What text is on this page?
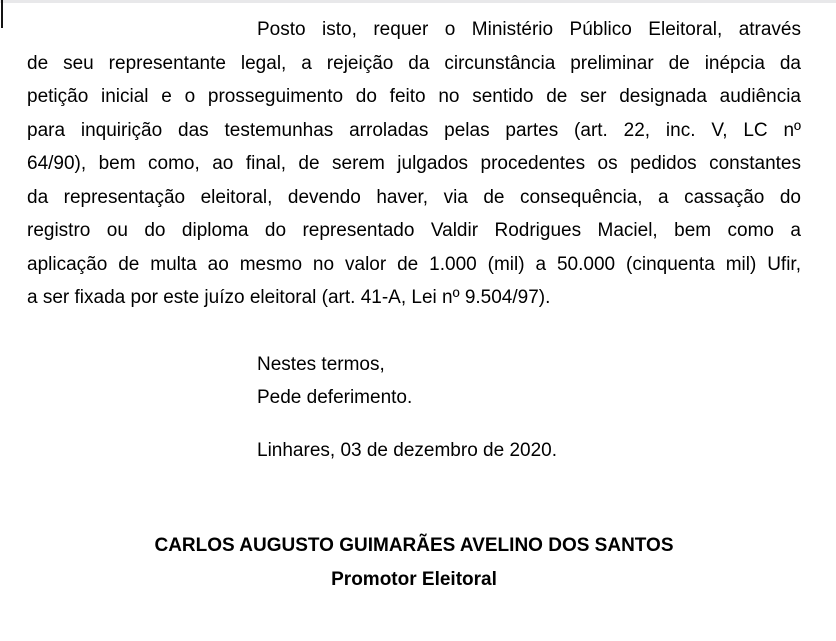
Posto isto, requer o Ministério Público Eleitoral, através
de seu representante legal, a rejeição da circunstância preliminar de inépcia da
petição inicial e o prosseguimento do feito no sentido de ser designada audiência
para inquirição das testemunhas arroladas pelas partes (art. 22, inc. V, LC nº
64/90), bem como, ao final, de serem julgados procedentes os pedidos constantes
da representação eleitoral, devendo haver, via de consequência, a cassação do
registro ou do diploma do representado Valdir Rodrigues Maciel, bem como a
aplicação de multa ao mesmo no valor de 1.000 (mil) a 50.000 (cinquenta mil) Ufir,
a ser fixada por este juízo eleitoral (art. 41-A, Lei nº 9.504/97).
Nestes termos,
Pede deferimento.
Linhares, 03 de dezembro de 2020.
CARLOS AUGUSTO GUIMARÃES AVELINO DOS SANTOS
Promotor Eleitoral
